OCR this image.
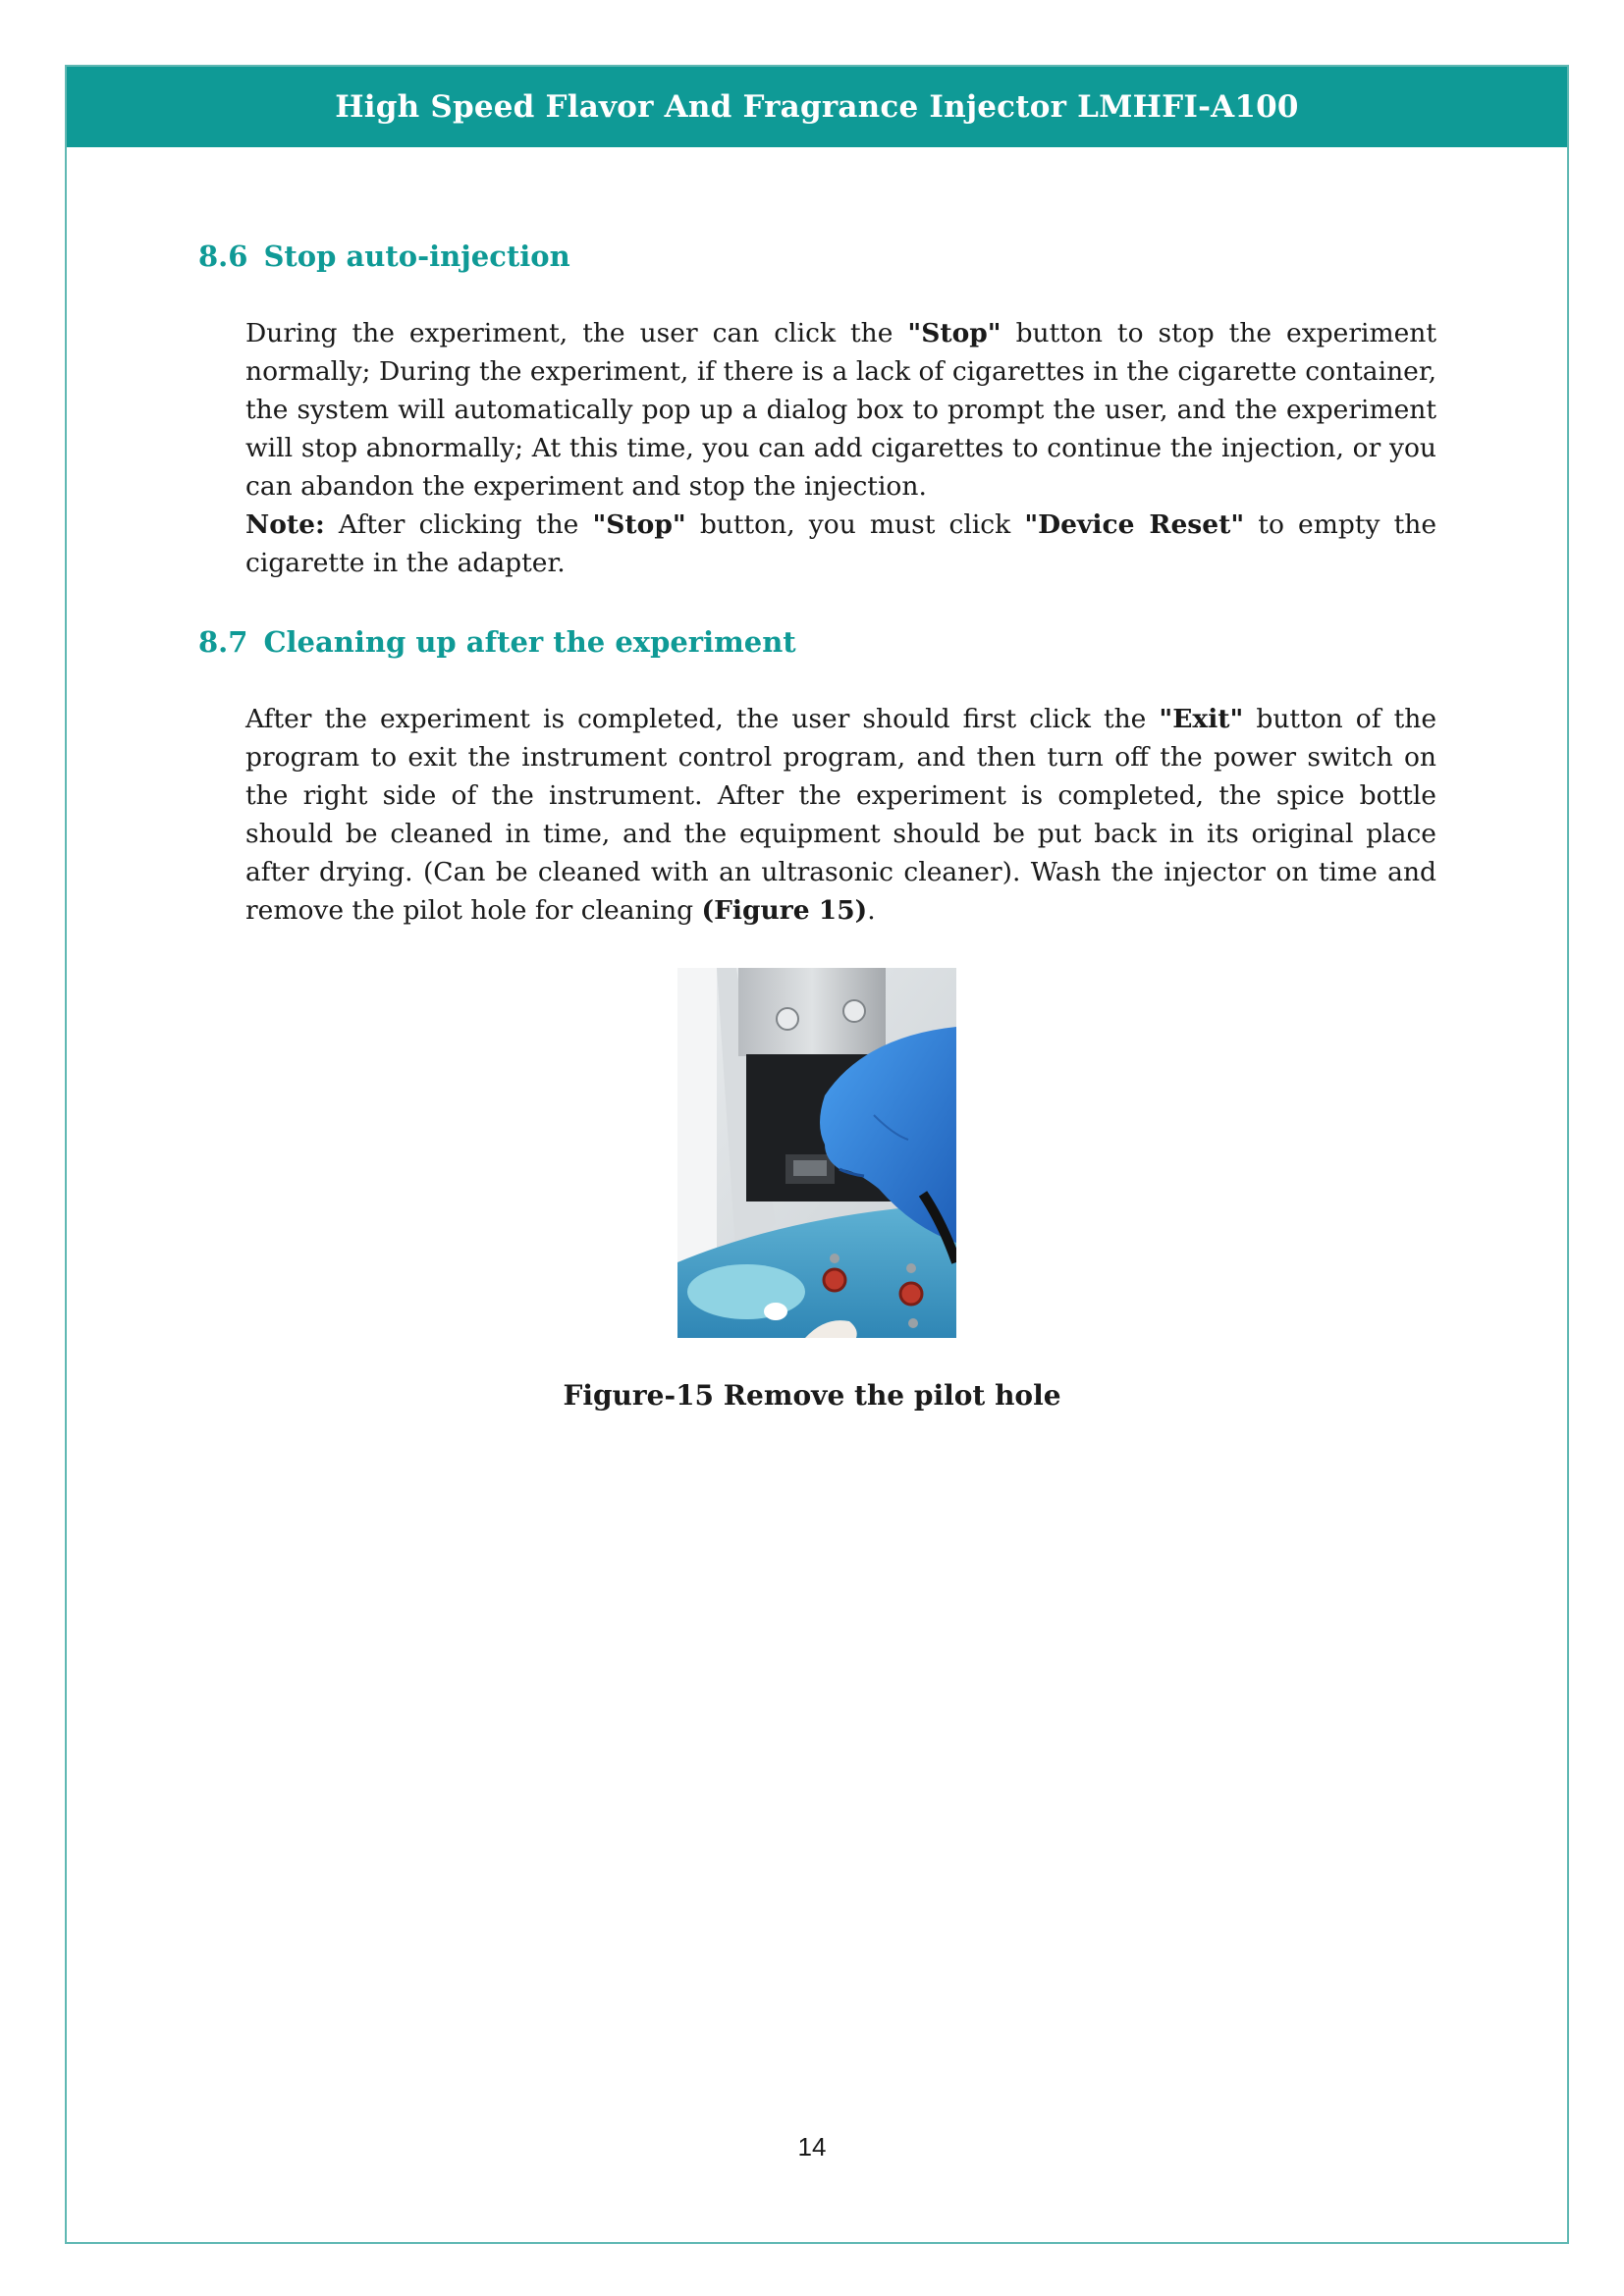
High Speed Flavor And Fragrance Injector LMHFI-A100
8.6 Stop auto-injection
During the experiment, the user can click the "Stop" button to stop the experiment normally; During the experiment, if there is a lack of cigarettes in the cigarette container, the system will automatically pop up a dialog box to prompt the user, and the experiment will stop abnormally; At this time, you can add cigarettes to continue the injection, or you can abandon the experiment and stop the injection.
Note: After clicking the "Stop" button, you must click "Device Reset" to empty the cigarette in the adapter.
8.7 Cleaning up after the experiment
After the experiment is completed, the user should first click the "Exit" button of the program to exit the instrument control program, and then turn off the power switch on the right side of the instrument. After the experiment is completed, the spice bottle should be cleaned in time, and the equipment should be put back in its original place after drying. (Can be cleaned with an ultrasonic cleaner). Wash the injector on time and remove the pilot hole for cleaning (Figure 15).
Figure-15 Remove the pilot hole
14
